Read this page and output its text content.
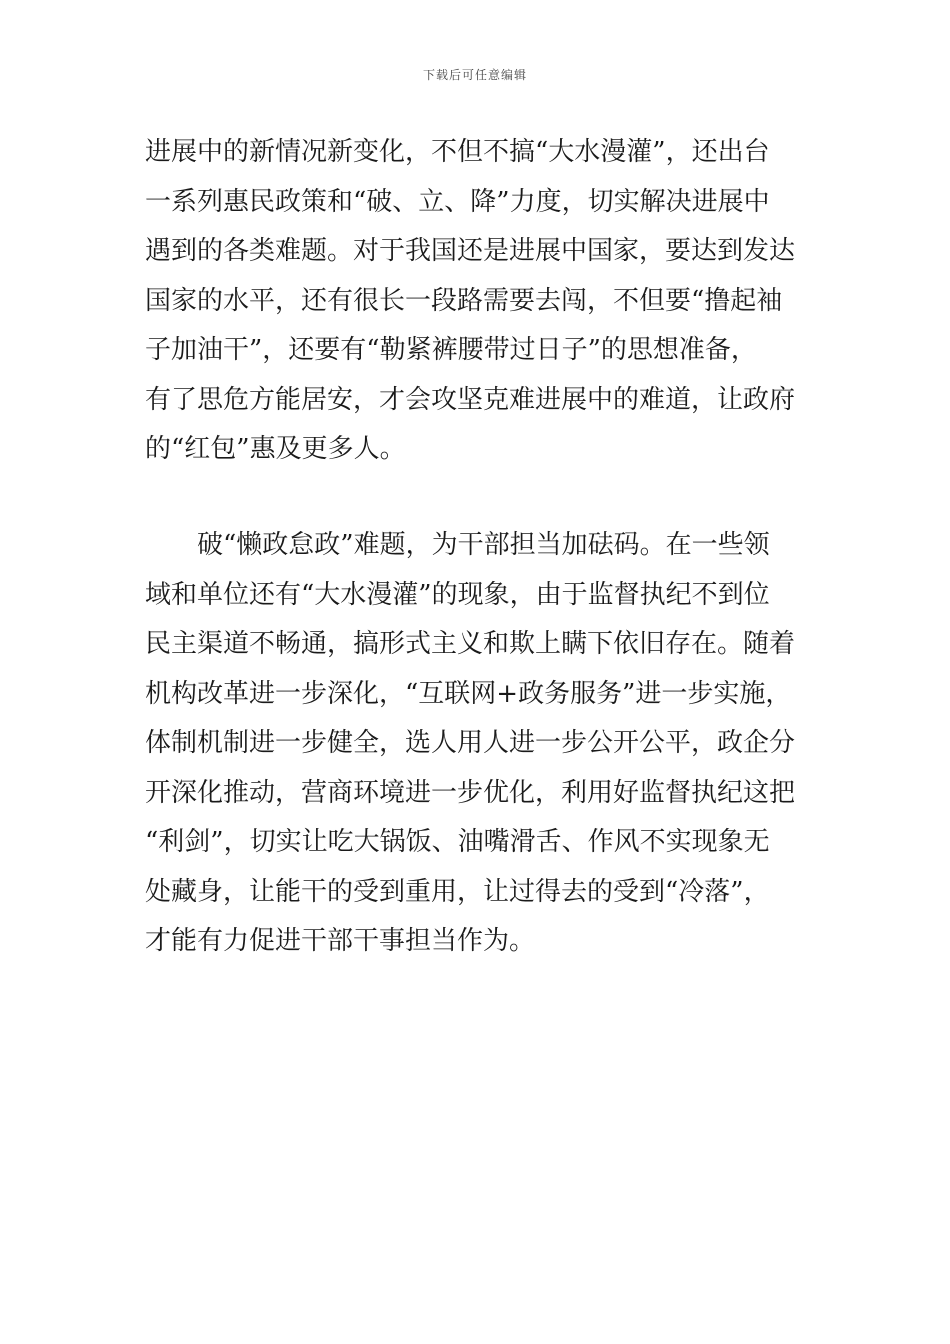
下载后可任意编辑
进展中的新情况新变化，不但不搞“大水漫灌”，还出台
一系列惠民政策和“破、立、降”力度，切实解决进展中
遇到的各类难题。对于我国还是进展中国家，要达到发达
国家的水平，还有很长一段路需要去闯，不但要“撸起袖
子加油干”，还要有“勒紧裤腰带过日子”的思想准备，
有了思危方能居安，才会攻坚克难进展中的难道，让政府
的“红包”惠及更多人。
　　破“懒政怠政”难题，为干部担当加砝码。在一些领
域和单位还有“大水漫灌”的现象，由于监督执纪不到位
民主渠道不畅通，搞形式主义和欺上瞒下依旧存在。随着
机构改革进一步深化，“互联网+政务服务”进一步实施，
体制机制进一步健全，选人用人进一步公开公平，政企分
开深化推动，营商环境进一步优化，利用好监督执纪这把
“利剑”，切实让吃大锅饭、油嘴滑舌、作风不实现象无
处藏身，让能干的受到重用，让过得去的受到“冷落”，
才能有力促进干部干事担当作为。
